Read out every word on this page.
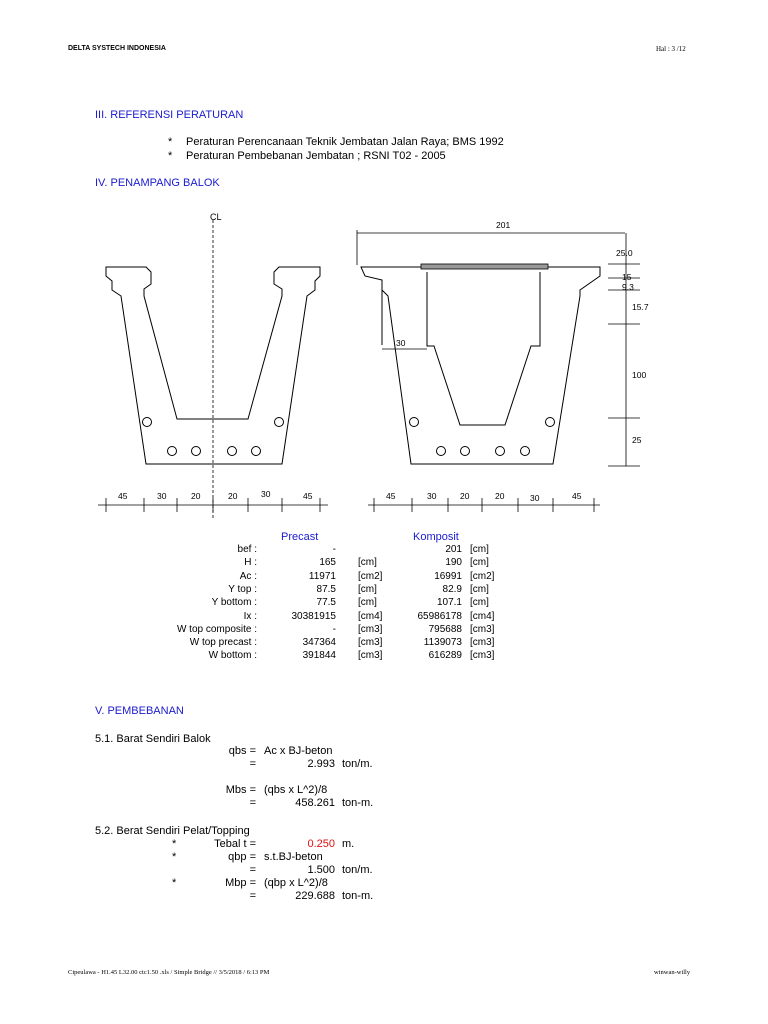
DELTA SYSTECH INDONESIA	Hal : 3 /12
III. REFERENSI PERATURAN
* Peraturan Perencanaan Teknik Jembatan Jalan Raya; BMS 1992
* Peraturan Pembebanan Jembatan ; RSNI T02 - 2005
IV. PENAMPANG BALOK
CL
201
25.0
15
9.3
15.7
100
25
30
45	30	20	20	30	45	45	30	20	20	30	45
Precast	Komposit
bef :	-	201 [cm]
H :	165 [cm]	190 [cm]
Ac :	11971 [cm2]	16991 [cm2]
Y top :	87.5 [cm]	82.9 [cm]
Y bottom :	77.5 [cm]	107.1 [cm]
Ix :	30381915 [cm4]	65986178 [cm4]
W top composite :	- [cm3]	795688 [cm3]
W top precast :	347364 [cm3]	1139073 [cm3]
W bottom :	391844 [cm3]	616289 [cm3]
V. PEMBEBANAN
5.1. Barat Sendiri Balok
qbs = Ac x BJ-beton
=	2.993 ton/m.
Mbs = (qbs x L^2)/8
=	458.261 ton-m.
5.2. Berat Sendiri Pelat/Topping
*	Tebal t =	0.250 m.
*	qbp = s.t.BJ-beton
=	1.500 ton/m.
*	Mbp = (qbp x L^2)/8
=	229.688 ton-m.
Cipeulawa - H1.45 L32.00 ctc1.50 .xls / Simple Bridge // 3/5/2018 / 6:13 PM	winwan-willy
